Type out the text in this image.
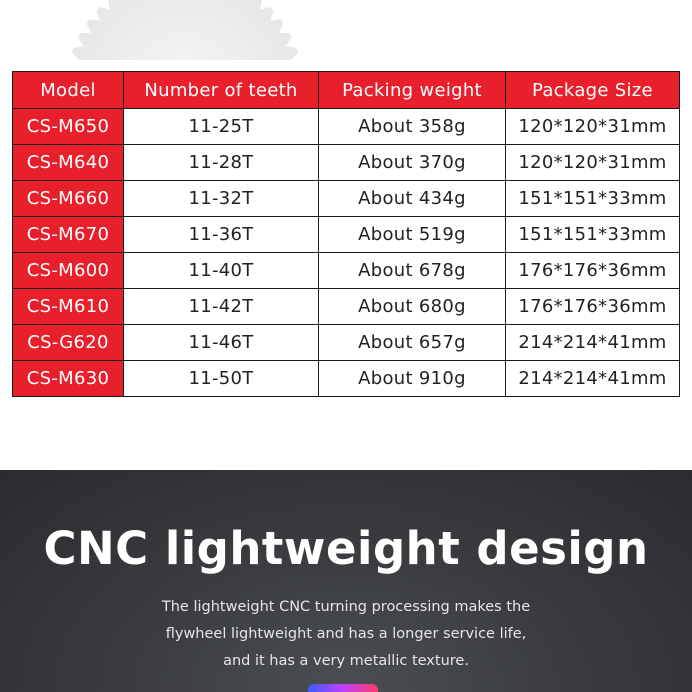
Model	Number of teeth	Packing weight	Package Size
CS-M650	11-25T	About 358g	120*120*31mm
CS-M640	11-28T	About 370g	120*120*31mm
CS-M660	11-32T	About 434g	151*151*33mm
CS-M670	11-36T	About 519g	151*151*33mm
CS-M600	11-40T	About 678g	176*176*36mm
CS-M610	11-42T	About 680g	176*176*36mm
CS-G620	11-46T	About 657g	214*214*41mm
CS-M630	11-50T	About 910g	214*214*41mm
CNC lightweight design
The lightweight CNC turning processing makes the
flywheel lightweight and has a longer service life,
and it has a very metallic texture.
